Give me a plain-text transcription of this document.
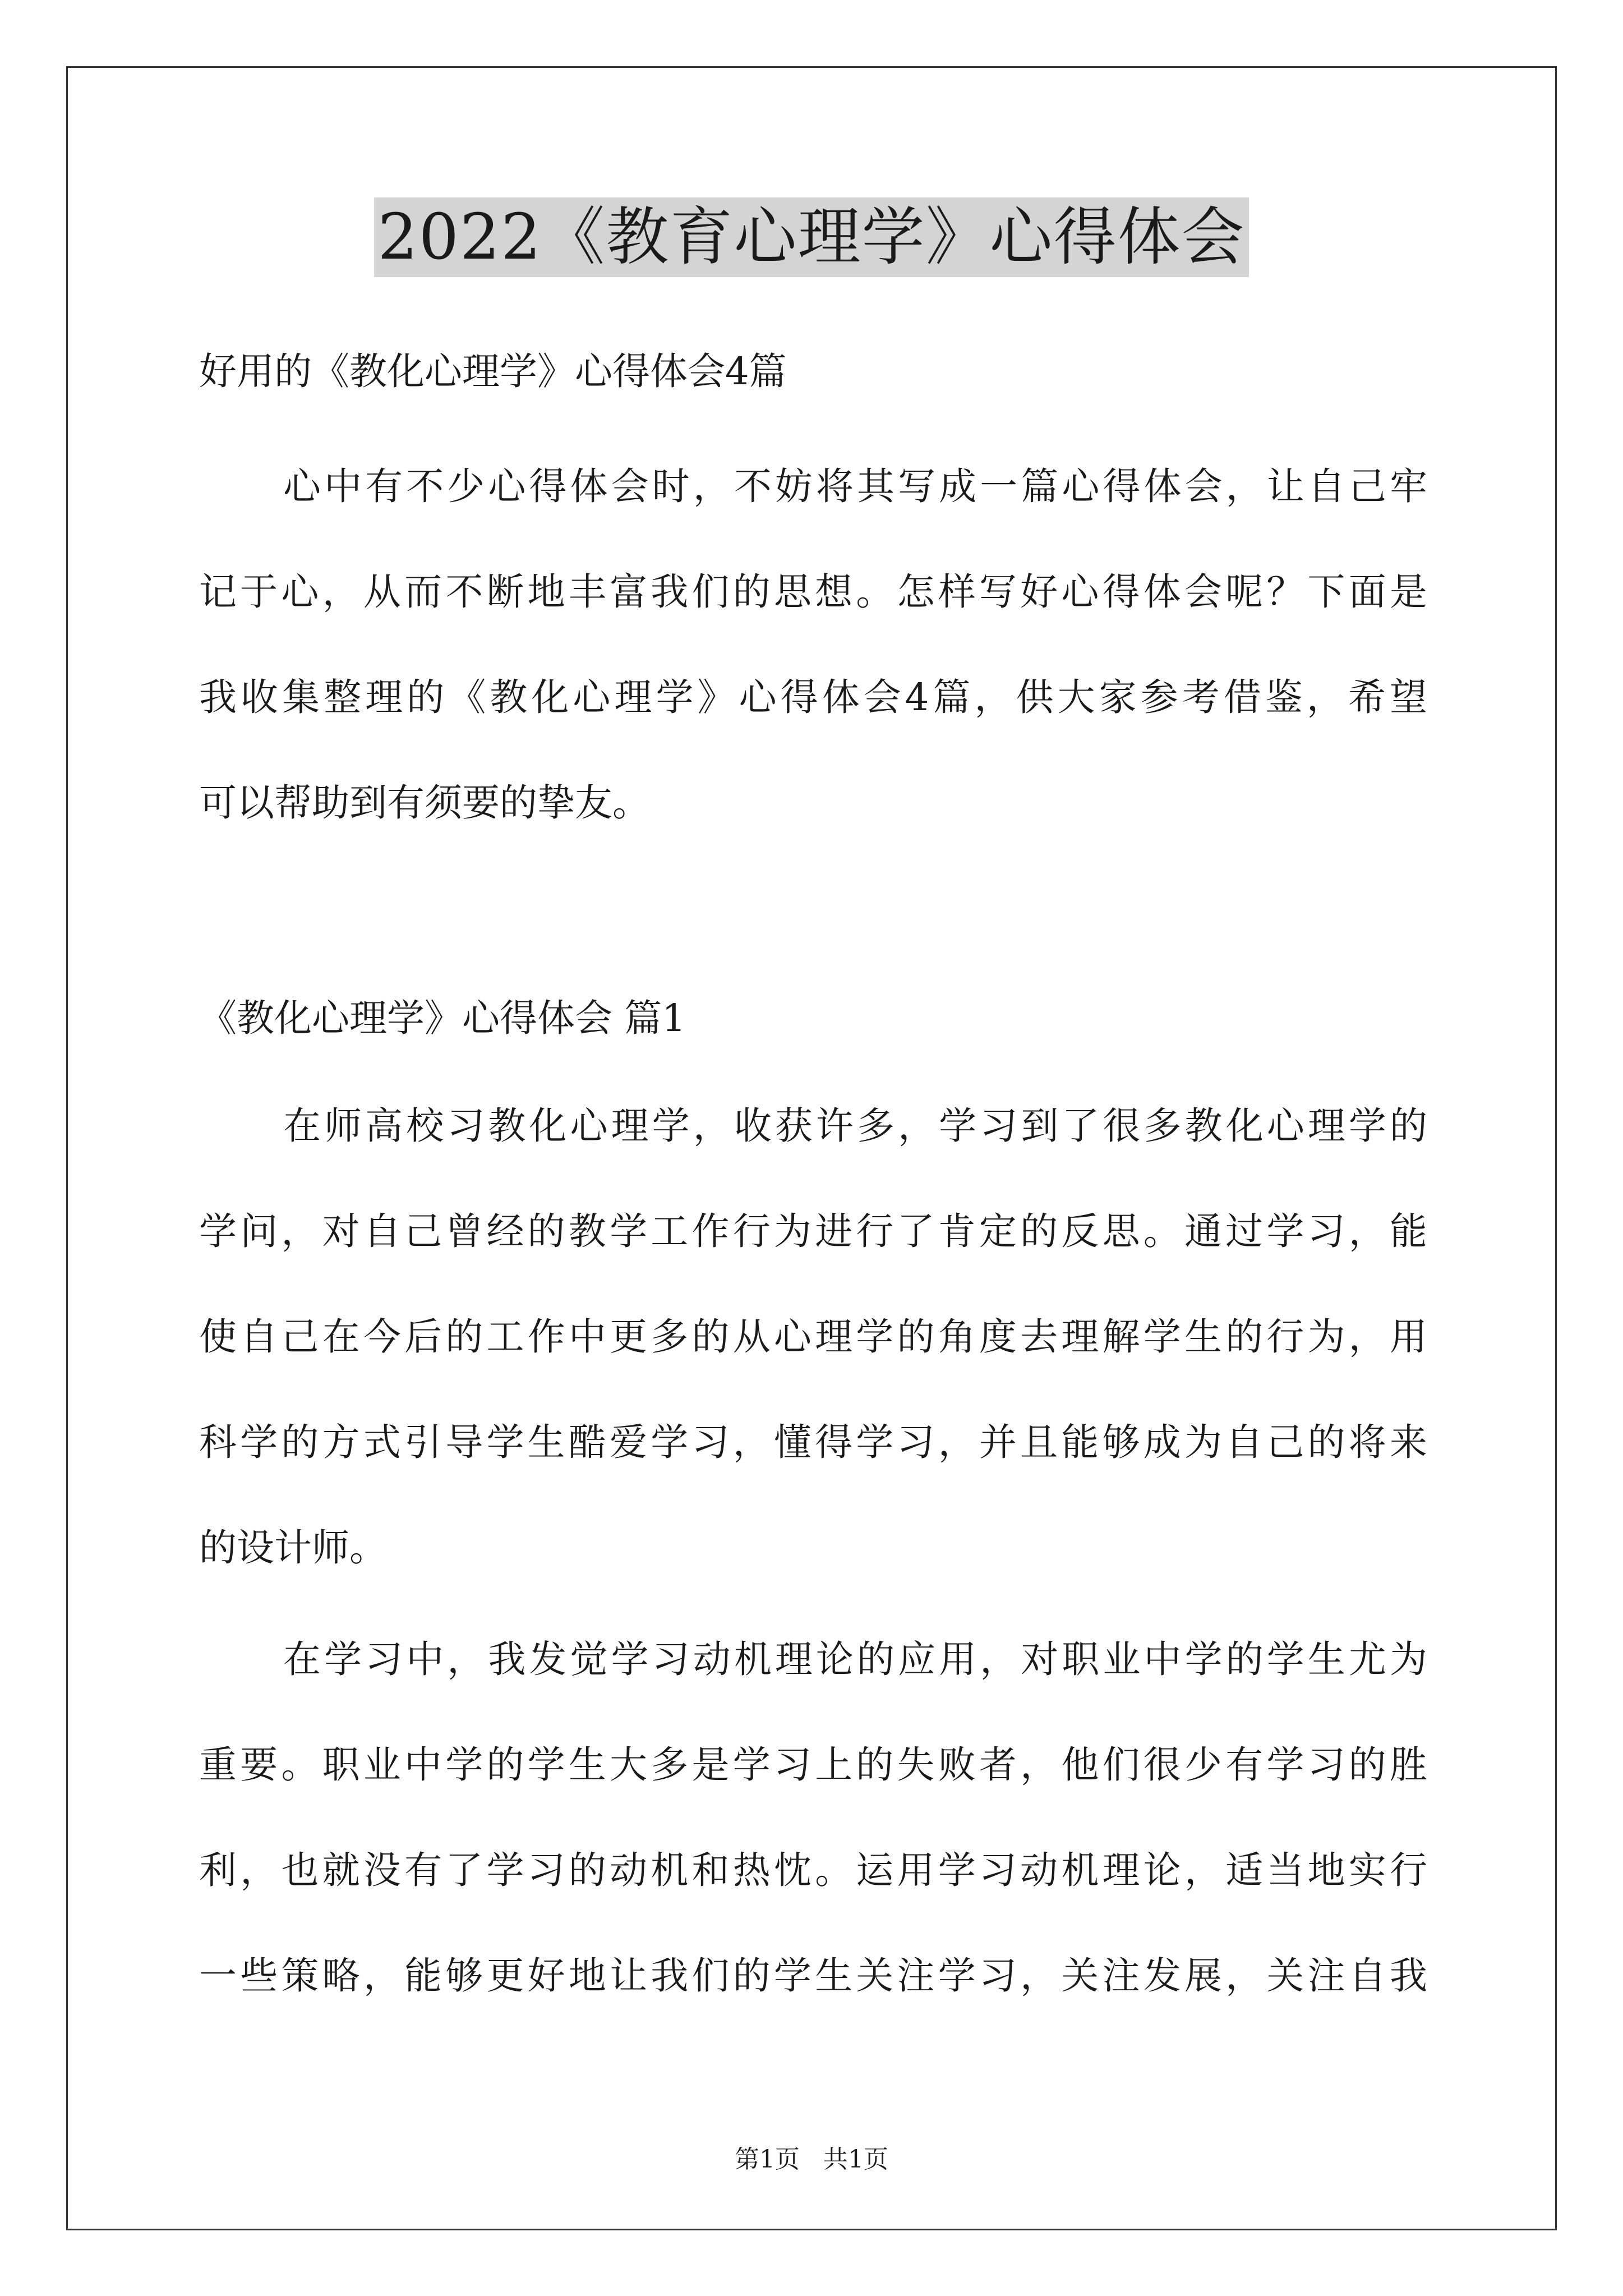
2022《教育心理学》心得体会

好用的《教化心理学》心得体会4篇

心中有不少心得体会时，不妨将其写成一篇心得体会，让自己牢

记于心，从而不断地丰富我们的思想。怎样写好心得体会呢？下面是

我收集整理的《教化心理学》心得体会4篇，供大家参考借鉴，希望

可以帮助到有须要的挚友。

《教化心理学》心得体会 篇1

在师高校习教化心理学，收获许多，学习到了很多教化心理学的

学问，对自己曾经的教学工作行为进行了肯定的反思。通过学习，能

使自己在今后的工作中更多的从心理学的角度去理解学生的行为，用

科学的方式引导学生酷爱学习，懂得学习，并且能够成为自己的将来

的设计师。

在学习中，我发觉学习动机理论的应用，对职业中学的学生尤为

重要。职业中学的学生大多是学习上的失败者，他们很少有学习的胜

利，也就没有了学习的动机和热忱。运用学习动机理论，适当地实行

一些策略，能够更好地让我们的学生关注学习，关注发展，关注自我

第1页   共1页
